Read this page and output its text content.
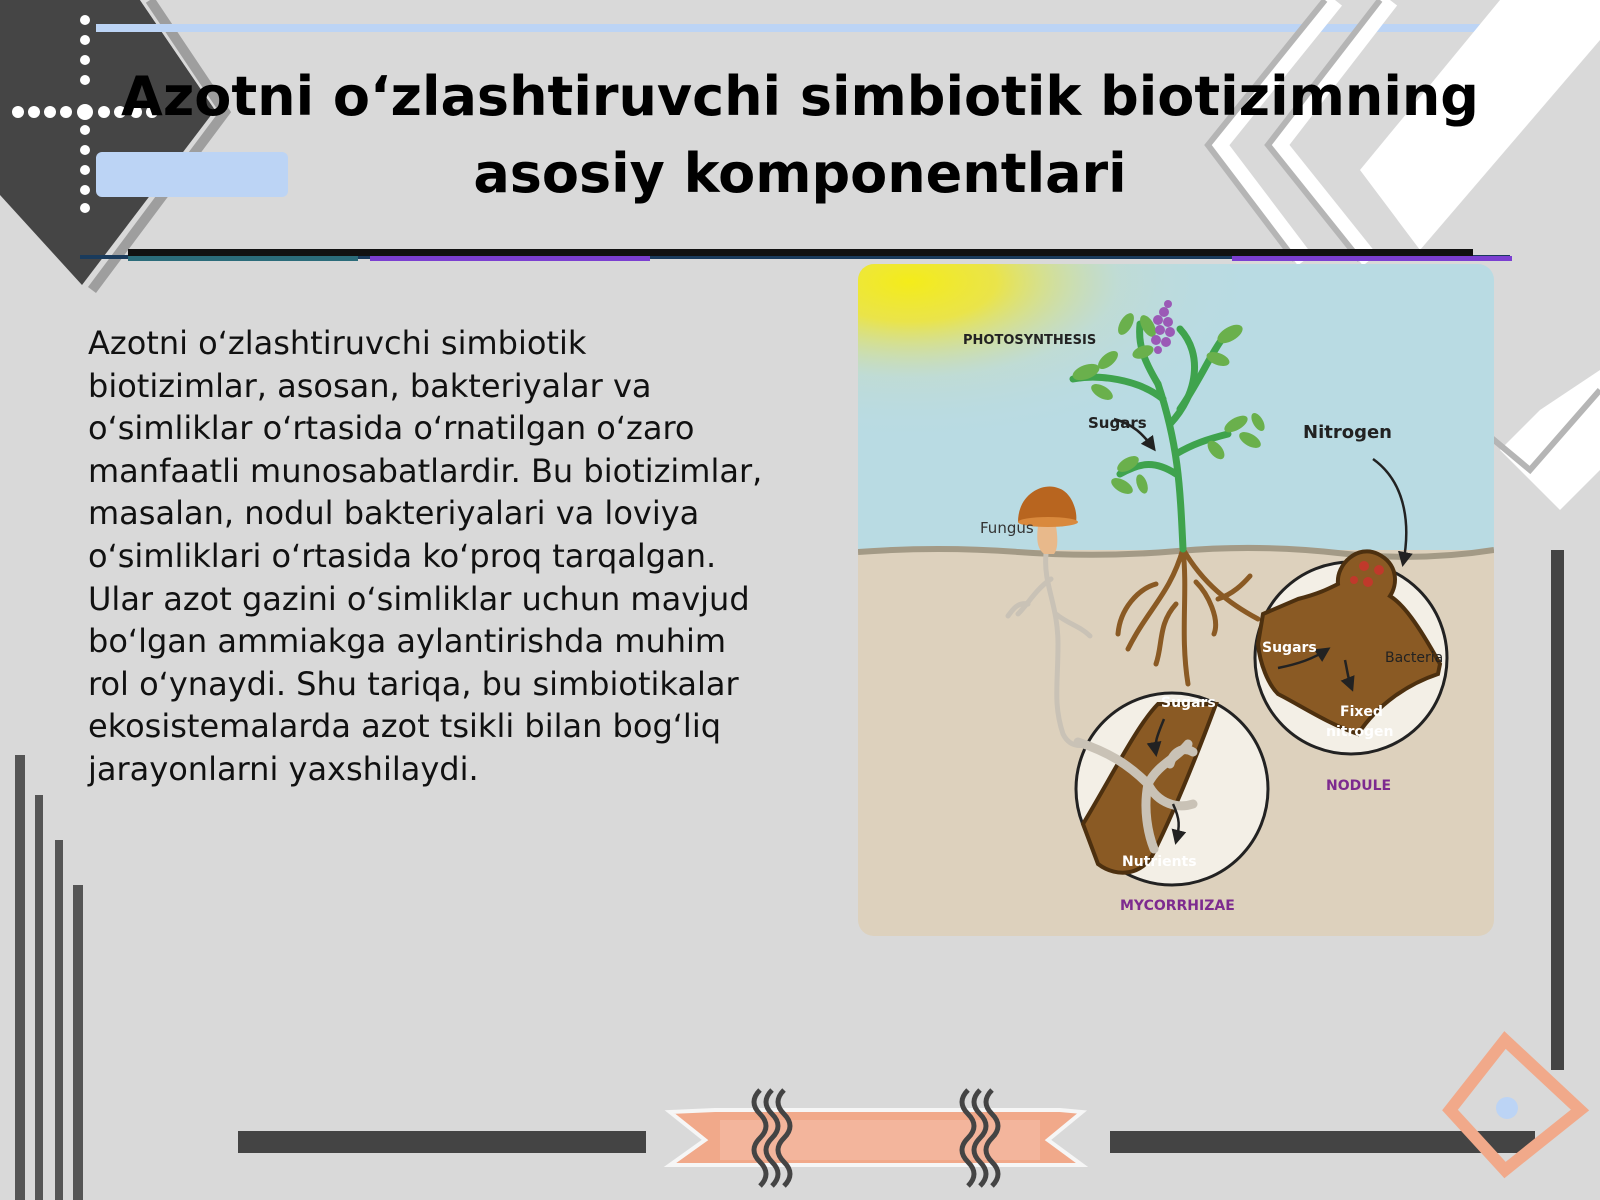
Azotni o‘zlashtiruvchi simbiotik biotizimning
asosiy komponentlari

Azotni o‘zlashtiruvchi simbiotik biotizimlar, asosan, bakteriyalar va o‘simliklar o‘rtasida o‘rnatilgan o‘zaro manfaatli munosabatlardir. Bu biotizimlar, masalan, nodul bakteriyalari va loviya o‘simliklari o‘rtasida ko‘proq tarqalgan. Ular azot gazini o‘simliklar uchun mavjud bo‘lgan ammiakga aylantirishda muhim rol o‘ynaydi. Shu tariqa, bu simbiotikalar ekosistemalarda azot tsikli bilan bog‘liq jarayonlarni yaxshilaydi.

PHOTOSYNTHESIS
Sugars	Nitrogen
Fungus
Sugars
Bacteria
Fixed
nitrogen
NODULE
Sugars
Nutrients
MYCORRHIZAE
